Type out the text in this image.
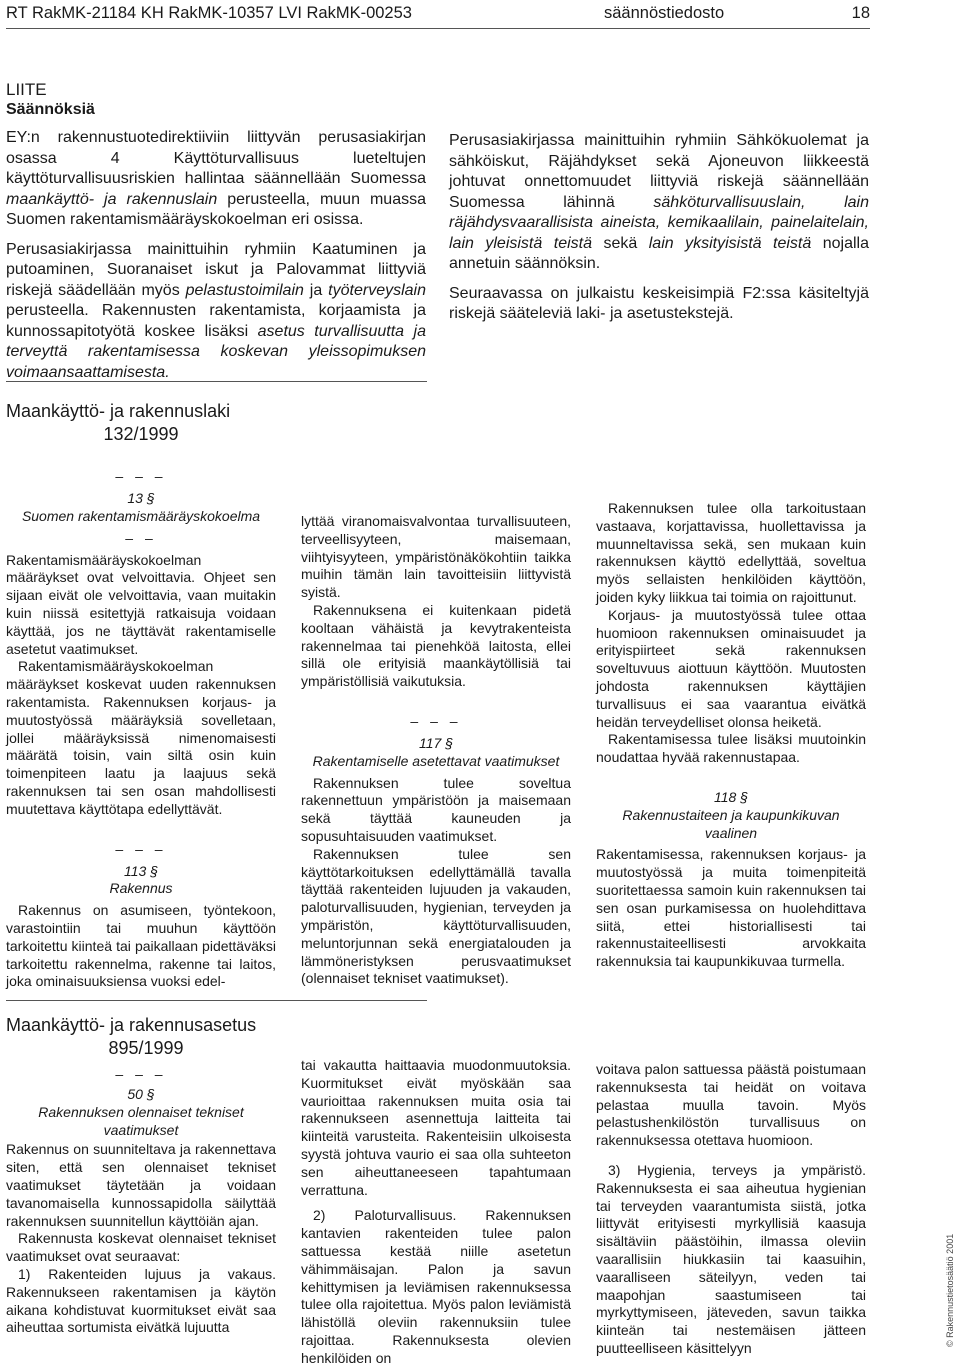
RT RakMK-21184 KH RakMK-10357 LVI RakMK-00253	säännöstiedosto	18

LIITE

Säännöksiä

EY:n rakennustuotedirektiiviin liittyvän perusasiakirjan osassa 4 Käyttöturvallisuus lueteltujen käyttöturvallisuusriskien hallintaa säännellään Suomessa maankäyttö- ja rakennuslain perusteella, muun muassa Suomen rakentamismääräyskokoelman eri osissa.

Perusasiakirjassa mainittuihin ryhmiin Kaatuminen ja putoaminen, Suoranaiset iskut ja Palovammat liittyviä riskejä säädellään myös pelastustoimilain ja työterveyslain perusteella. Rakennusten rakentamista, korjaamista ja kunnossapitotyötä koskee lisäksi asetus turvallisuutta ja terveyttä rakentamisessa koskevan yleissopimuksen voimaansaattamisesta.

Perusasiakirjassa mainittuihin ryhmiin Sähkökuolemat ja sähköiskut, Räjähdykset sekä Ajoneuvon liikkeestä johtuvat onnettomuudet liittyviä riskejä säännellään Suomessa lähinnä sähköturvallisuuslain, lain räjähdysvaarallisista aineista, kemikaalilain, painelaitelain, lain yleisistä teistä sekä lain yksityisistä teistä nojalla annetuin säännöksin.

Seuraavassa on julkaistu keskeisimpiä F2:ssa käsiteltyjä riskejä sääteleviä laki- ja asetustekstejä.

Maankäyttö- ja rakennuslaki
132/1999
– – –

13 §

Suomen rakentamismääräyskokoelma

– –

Rakentamismääräyskokoelman määräykset ovat velvoittavia. Ohjeet sen sijaan eivät ole velvoittavia, vaan muitakin kuin niissä esitettyjä ratkaisuja voidaan käyttää, jos ne täyttävät rakentamiselle asetetut vaatimukset.

Rakentamismääräyskokoelman määräykset koskevat uuden rakennuksen rakentamista. Rakennuksen korjaus- ja muutostyössä määräyksiä sovelletaan, jollei määräyksissä nimenomaisesti määrätä toisin, vain siltä osin kuin toimenpiteen laatu ja laajuus sekä rakennuksen tai sen osan mahdollisesti muutettava käyttötapa edellyttävät.

– – –

113 §

Rakennus

Rakennus on asumiseen, työntekoon, varastointiin tai muuhun käyttöön tarkoitettu kiinteä tai paikallaan pidettäväksi tarkoitettu rakennelma, rakenne tai laitos, joka ominaisuuksiensa vuoksi edel-

lyttää viranomaisvalvontaa turvallisuuteen, terveellisyyteen, maisemaan, viihtyisyyteen, ympäristönäkökohtiin taikka muihin tämän lain tavoitteisiin liittyvistä syistä.

Rakennuksena ei kuitenkaan pidetä kooltaan vähäistä ja kevytrakenteista rakennelmaa tai pienehköä laitosta, ellei sillä ole erityisiä maankäytöllisiä tai ympäristöllisiä vaikutuksia.

– – –

117 §

Rakentamiselle asetettavat vaatimukset

Rakennuksen tulee soveltua rakennettuun ympäristöön ja maisemaan sekä täyttää kauneuden ja sopusuhtaisuuden vaatimukset.

Rakennuksen tulee sen käyttötarkoituksen edellyttämällä tavalla täyttää rakenteiden lujuuden ja vakauden, paloturvallisuuden, hygienian, terveyden ja ympäristön, käyttöturvallisuuden, meluntorjunnan sekä energiatalouden ja lämmöneristyksen perusvaatimukset (olennaiset tekniset vaatimukset).

Rakennuksen tulee olla tarkoitustaan vastaava, korjattavissa, huollettavissa ja muunneltavissa sekä, sen mukaan kuin rakennuksen käyttö edellyttää, soveltua myös sellaisten henkilöiden käyttöön, joiden kyky liikkua tai toimia on rajoittunut.

Korjaus- ja muutostyössä tulee ottaa huomioon rakennuksen ominaisuudet ja erityispiirteet sekä rakennuksen soveltuvuus aiottuun käyttöön. Muutosten johdosta rakennuksen käyttäjien turvallisuus ei saa vaarantua eivätkä heidän terveydelliset olonsa heiketä.

Rakentamisessa tulee lisäksi muutoinkin noudattaa hyvää rakennustapaa.

118 §

Rakennustaiteen ja kaupunkikuvan vaalinen

Rakentamisessa, rakennuksen korjaus- ja muutostyössä ja muita toimenpiteitä suoritettaessa samoin kuin rakennuksen tai sen osan purkamisessa on huolehdittava siitä, ettei historiallisesti tai rakennustaiteellisesti arvokkaita rakennuksia tai kaupunkikuvaa turmella.

Maankäyttö- ja rakennusasetus
895/1999
– – –

50 §

Rakennuksen olennaiset tekniset vaatimukset

Rakennus on suunniteltava ja rakennettava siten, että sen olennaiset tekniset vaatimukset täytetään ja voidaan tavanomaisella kunnossapidolla säilyttää rakennuksen suunnitellun käyttöiän ajan.

Rakennusta koskevat olennaiset tekniset vaatimukset ovat seuraavat:

1) Rakenteiden lujuus ja vakaus. Rakennukseen rakentamisen ja käytön aikana kohdistuvat kuormitukset eivät saa aiheuttaa sortumista eivätkä lujuutta

tai vakautta haittaavia muodonmuutoksia. Kuormitukset eivät myöskään saa vaurioittaa rakennuksen muita osia tai rakennukseen asennettuja laitteita tai kiinteitä varusteita. Rakenteisiin ulkoisesta syystä johtuva vaurio ei saa olla suhteeton sen aiheuttaneeseen tapahtumaan verrattuna.

2) Paloturvallisuus. Rakennuksen kantavien rakenteiden tulee palon sattuessa kestää niille asetetun vähimmäisajan. Palon ja savun kehittymisen ja leviämisen rakennuksessa tulee olla rajoitettua. Myös palon leviämistä lähistöllä oleviin rakennuksiin tulee rajoittaa. Rakennuksesta olevien henkilöiden on

voitava palon sattuessa päästä poistumaan rakennuksesta tai heidät on voitava pelastaa muulla tavoin. Myös pelastushenkilöstön turvallisuus on rakennuksessa otettava huomioon.

3) Hygienia, terveys ja ympäristö. Rakennuksesta ei saa aiheutua hygienian tai terveyden vaarantumista siistä, jotka liittyvät erityisesti myrkyllisiä kaasuja sisältäviin päästöihin, ilmassa oleviin vaarallisiin hiukkasiin tai kaasuihin, vaaralliseen säteilyyn, veden tai maapohjan saastumiseen tai myrkyttymiseen, jäteveden, savun taikka kiinteän tai nestemäisen jätteen puutteelliseen käsittelyyn

© Rakennustietosäätiö 2001
